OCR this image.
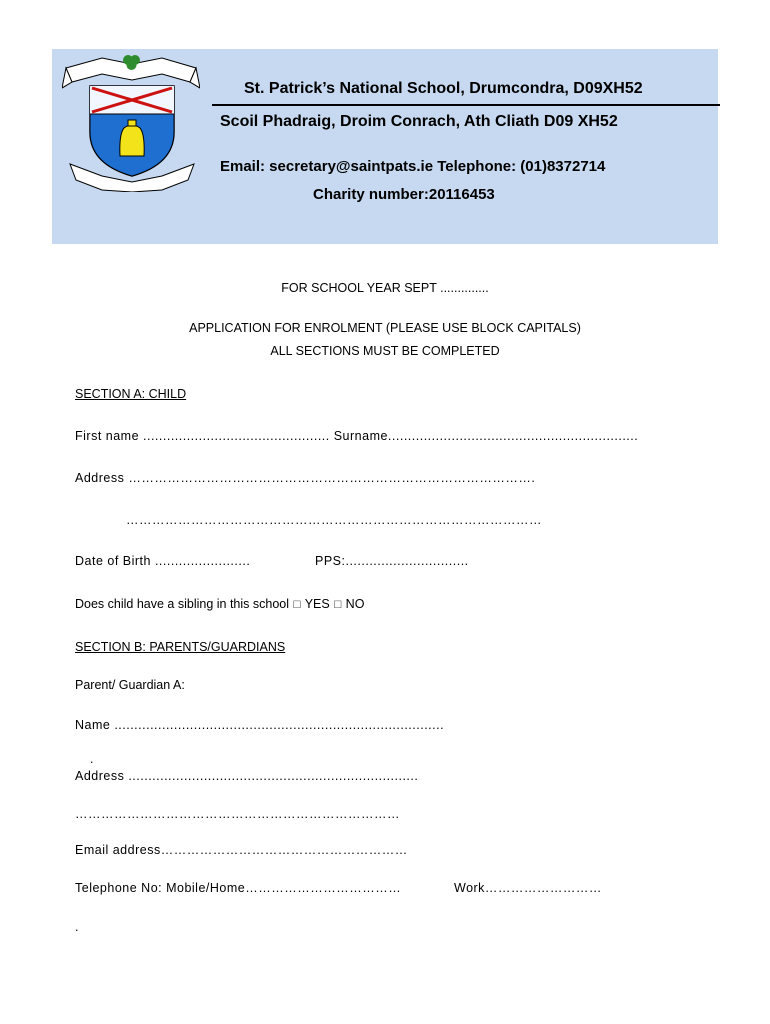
St. Patrick’s National School, Drumcondra, D09XH52
Scoil Phadraig, Droim Conrach, Ath Cliath D09 XH52
Email: secretary@saintpats.ie Telephone: (01)8372714
Charity number:20116453
FOR SCHOOL YEAR SEPT ..............
APPLICATION FOR ENROLMENT (PLEASE USE BLOCK CAPITALS)
ALL SECTIONS MUST BE COMPLETED
SECTION A: CHILD
First name ............................................... Surname...............................................................
Address ………………………………………………………………………………….
……………………………………………………………………………………
Date of Birth ........................	PPS:...............................
Does child have a sibling in this school ☐ YES ☐ NO
SECTION B: PARENTS/GUARDIANS
Parent/ Guardian A:
Name ...................................................................................
.
Address .........................................................................
…………………………………………………………………
Email address…………………………………………………
Telephone No: Mobile/Home………………………………	Work………………………
.
